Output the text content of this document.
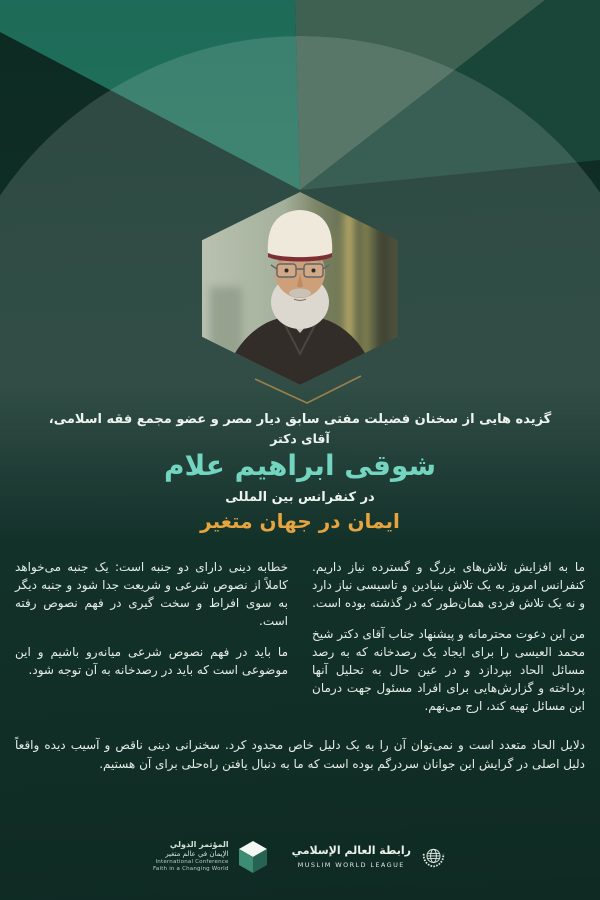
گزیده هایی از سخنان فضیلت مفتی سابق دیار مصر و عضو مجمع فقه اسلامی،
آقای دکتر
شوقی ابراهیم علام
در کنفرانس بین المللی
ایمان در جهان متغیر

ما به افزایش تلاش‌های بزرگ و گسترده نیاز داریم. کنفرانس امروز به یک تلاش بنیادین و تاسیسی نیاز دارد و نه یک تلاش فردی همان‌طور که در گذشته بوده است.

من این دعوت محترمانه و پیشنهاد جناب آقای دکتر شیخ محمد العیسی را برای ایجاد یک رصدخانه که به رصد مسائل الحاد بپردازد و در عین حال به تحلیل آنها پرداخته و گزارش‌هایی برای افراد مسئول جهت درمان این مسائل تهیه کند، ارج می‌نهم.

خطابه دینی دارای دو جنبه است: یک جنبه می‌خواهد کاملاً از نصوص شرعی و شریعت جدا شود و جنبه دیگر به سوی افراط و سخت گیری در فهم نصوص رفته است.

ما باید در فهم نصوص شرعی میانه‌رو باشیم و این موضوعی است که باید در رصدخانه به آن توجه شود.

دلایل الحاد متعدد است و نمی‌توان آن را به یک دلیل خاص محدود کرد. سخنرانی دینی ناقص و آسیب دیده واقعاً دلیل اصلی در گرایش این جوانان سردرگم بوده است که ما به دنبال یافتن راه‌حلی برای آن هستیم.
المؤتمر الدولي
الإيمان في عالم متغير
International Conference
Faith in a Changing World
رابطة العالم الإسلامي
MUSLIM WORLD LEAGUE
